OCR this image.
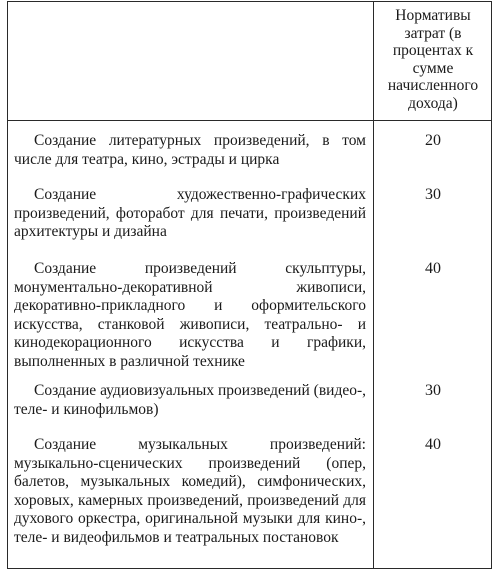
Нормативы затрат (в процентах к сумме начисленного дохода)
Создание литературных произведений, в том числе для театра, кино, эстрады и цирка
20
Создание художественно-графических произведений, фоторабот для печати, произведений архитектуры и дизайна
30
Создание произведений скульптуры, монументально-декоративной живописи, декоративно-прикладного и оформительского искусства, станковой живописи, театрально- и кинодекорационного искусства и графики, выполненных в различной технике
40
Создание аудиовизуальных произведений (видео-, теле- и кинофильмов)
30
Создание музыкальных произведений: музыкально-сценических произведений (опер, балетов, музыкальных комедий), симфонических, хоровых, камерных произведений, произведений для духового оркестра, оригинальной музыки для кино-, теле- и видеофильмов и театральных постановок
40
